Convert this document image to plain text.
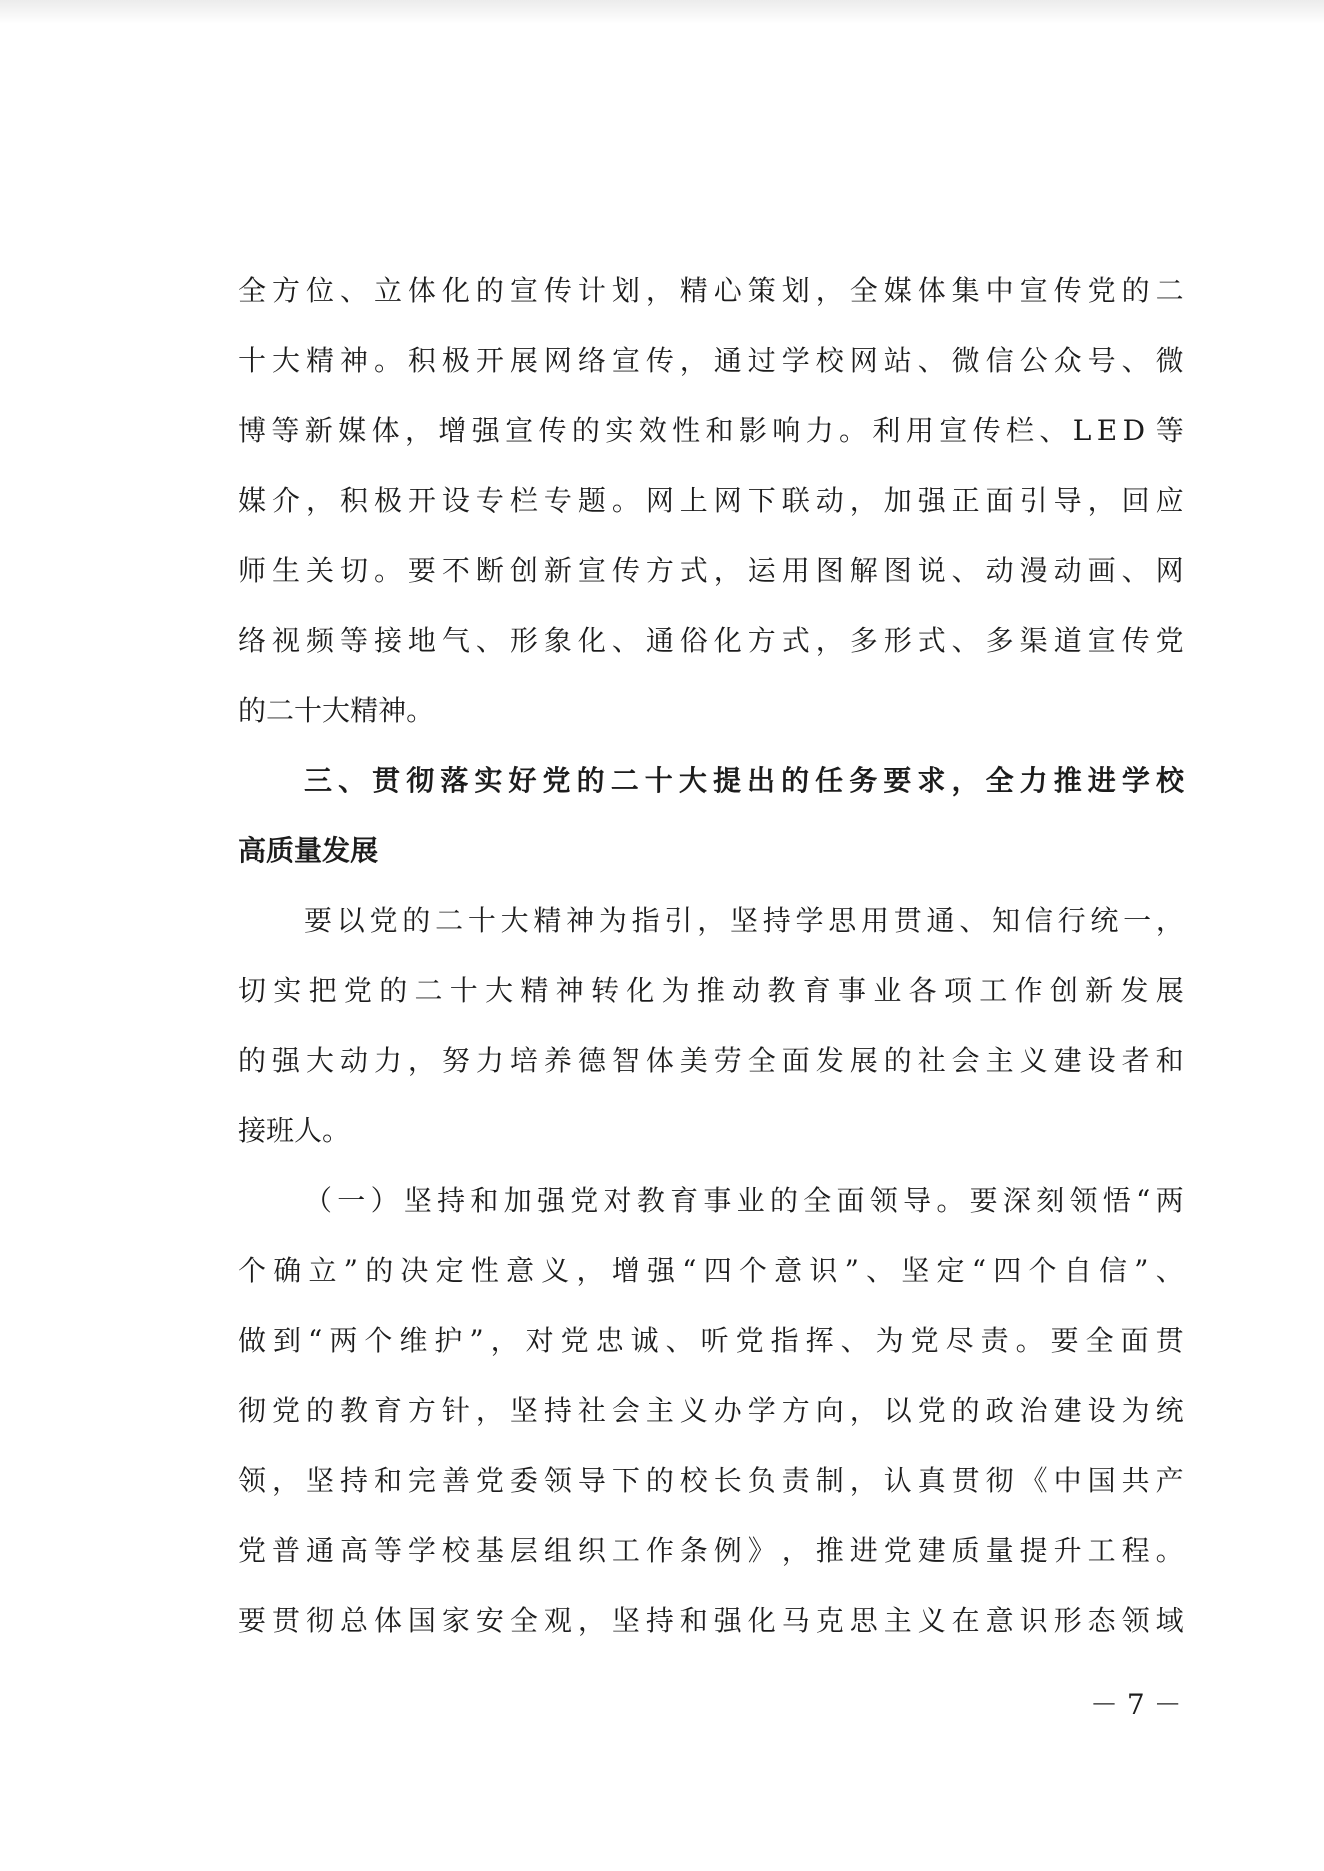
全 方 位 、 立 体 化 的 宣 传 计 划 ， 精 心 策 划 ， 全 媒 体 集 中 宣 传 党 的 二
十 大 精 神 。 积 极 开 展 网 络 宣 传 ， 通 过 学 校 网 站 、 微 信 公 众 号 、 微
博 等 新 媒 体 ， 增 强 宣 传 的 实 效 性 和 影 响 力 。 利 用 宣 传 栏 、 L E D 等
媒 介 ， 积 极 开 设 专 栏 专 题 。 网 上 网 下 联 动 ， 加 强 正 面 引 导 ， 回 应
师 生 关 切 。 要 不 断 创 新 宣 传 方 式 ， 运 用 图 解 图 说 、 动 漫 动 画 、 网
络 视 频 等 接 地 气 、 形 象 化 、 通 俗 化 方 式 ， 多 形 式 、 多 渠 道 宣 传 党
的 二 十 大 精 神 。
三 、 贯 彻 落 实 好 党 的 二 十 大 提 出 的 任 务 要 求 ， 全 力 推 进 学 校
高 质 量 发 展
要 以 党 的 二 十 大 精 神 为 指 引 ， 坚 持 学 思 用 贯 通 、 知 信 行 统 一 ，
切 实 把 党 的 二 十 大 精 神 转 化 为 推 动 教 育 事 业 各 项 工 作 创 新 发 展
的 强 大 动 力 ， 努 力 培 养 德 智 体 美 劳 全 面 发 展 的 社 会 主 义 建 设 者 和
接 班 人 。
（ 一 ） 坚 持 和 加 强 党 对 教 育 事 业 的 全 面 领 导 。 要 深 刻 领 悟 “ 两
个 确 立 ” 的 决 定 性 意 义 ， 增 强 “ 四 个 意 识 ” 、 坚 定 “ 四 个 自 信 ” 、
做 到 “ 两 个 维 护 ” ， 对 党 忠 诚 、 听 党 指 挥 、 为 党 尽 责 。 要 全 面 贯
彻 党 的 教 育 方 针 ， 坚 持 社 会 主 义 办 学 方 向 ， 以 党 的 政 治 建 设 为 统
领 ， 坚 持 和 完 善 党 委 领 导 下 的 校 长 负 责 制 ， 认 真 贯 彻 《 中 国 共 产
党 普 通 高 等 学 校 基 层 组 织 工 作 条 例 》 ， 推 进 党 建 质 量 提 升 工 程 。
要 贯 彻 总 体 国 家 安 全 观 ， 坚 持 和 强 化 马 克 思 主 义 在 意 识 形 态 领 域
－ 7 －
